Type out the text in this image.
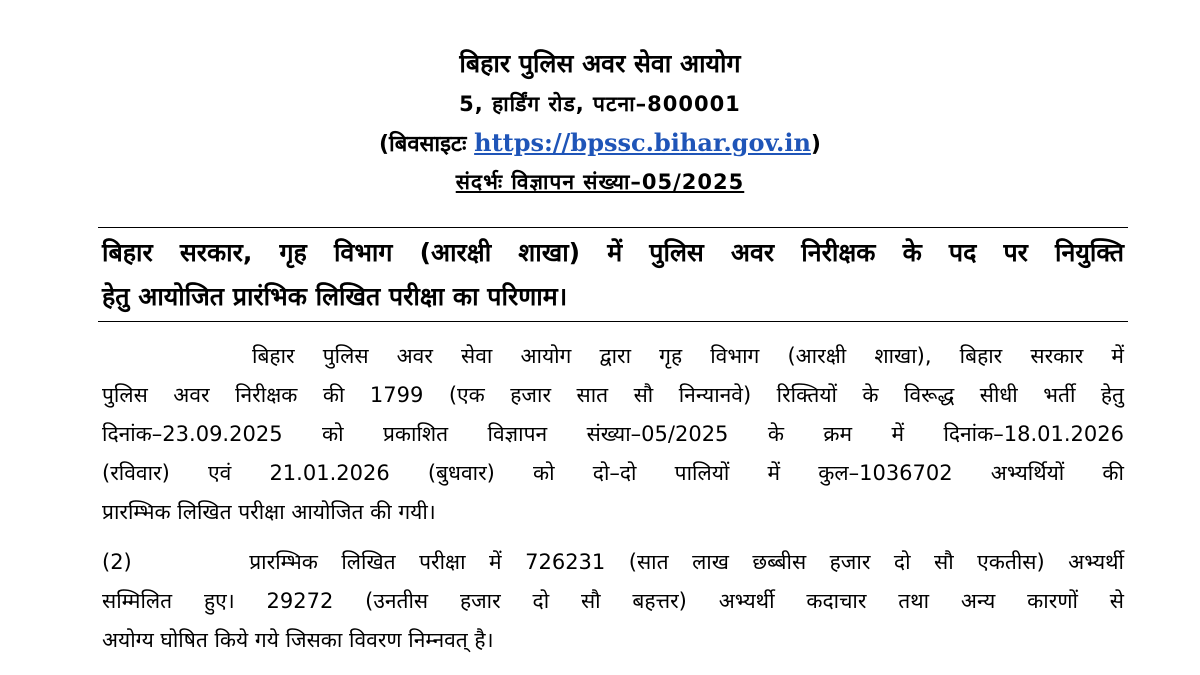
बिहार पुलिस अवर सेवा आयोग
5, हार्डिंग रोड, पटना–800001
(बिवसाइटः https://bpssc.bihar.gov.in)
संदर्भः विज्ञापन संख्या–05/2025
बिहार सरकार, गृह विभाग (आरक्षी शाखा) में पुलिस अवर निरीक्षक के पद पर नियुक्ति
हेतु आयोजित प्रारंभिक लिखित परीक्षा का परिणाम।
बिहार पुलिस अवर सेवा आयोग द्वारा गृह विभाग (आरक्षी शाखा), बिहार सरकार में
पुलिस अवर निरीक्षक की 1799 (एक हजार सात सौ निन्यानवे) रिक्तियों के विरूद्ध सीधी भर्ती हेतु
दिनांक–23.09.2025 को प्रकाशित विज्ञापन संख्या–05/2025 के क्रम में दिनांक–18.01.2026
(रविवार) एवं 21.01.2026 (बुधवार) को दो–दो पालियों में कुल–1036702 अभ्यर्थियों की
प्रारम्भिक लिखित परीक्षा आयोजित की गयी।
(2)     प्रारम्भिक लिखित परीक्षा में 726231 (सात लाख छब्बीस हजार दो सौ एकतीस) अभ्यर्थी
सम्मिलित हुए। 29272 (उनतीस हजार दो सौ बहत्तर) अभ्यर्थी कदाचार तथा अन्य कारणों से
अयोग्य घोषित किये गये जिसका विवरण निम्नवत् है।
